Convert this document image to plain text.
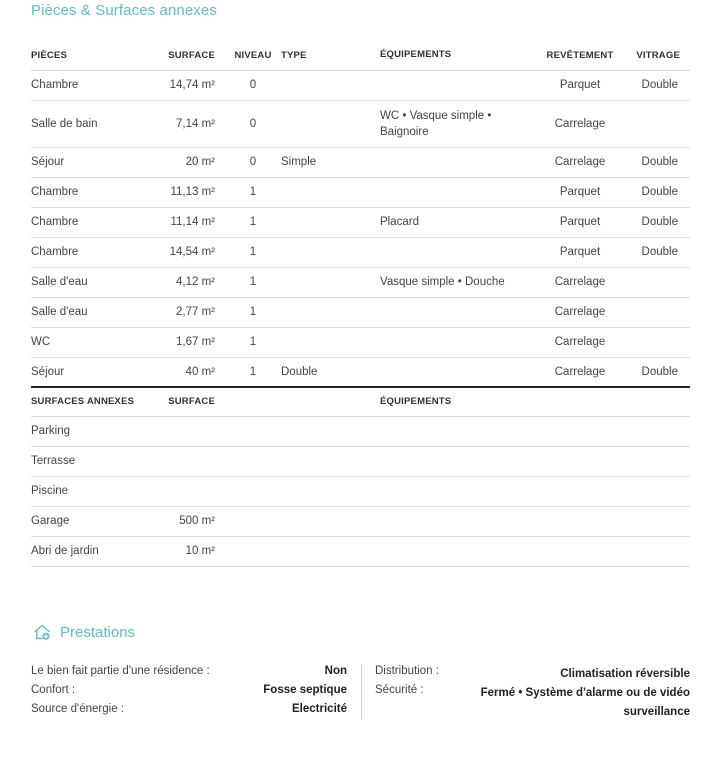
Pièces & Surfaces annexes
PIÈCES	SURFACE	NIVEAU	TYPE	ÉQUIPEMENTS	REVÊTEMENT	VITRAGE
Chambre	14,74 m²	0			Parquet	Double
Salle de bain	7,14 m²	0		WC • Vasque simple • Baignoire	Carrelage	
Séjour	20 m²	0	Simple		Carrelage	Double
Chambre	11,13 m²	1			Parquet	Double
Chambre	11,14 m²	1		Placard	Parquet	Double
Chambre	14,54 m²	1			Parquet	Double
Salle d'eau	4,12 m²	1		Vasque simple • Douche	Carrelage	
Salle d'eau	2,77 m²	1			Carrelage	
WC	1,67 m²	1			Carrelage	
Séjour	40 m²	1	Double		Carrelage	Double
SURFACES ANNEXES	SURFACE			ÉQUIPEMENTS		
Parking						
Terrasse						
Piscine						
Garage	500 m²					
Abri de jardin	10 m²					
Prestations
Le bien fait partie d'une résidence :	Non
Confort :	Fosse septique
Source d'énergie :	Electricité
Distribution :	Climatisation réversible
Sécurité :	Fermé • Système d'alarme ou de vidéo surveillance
